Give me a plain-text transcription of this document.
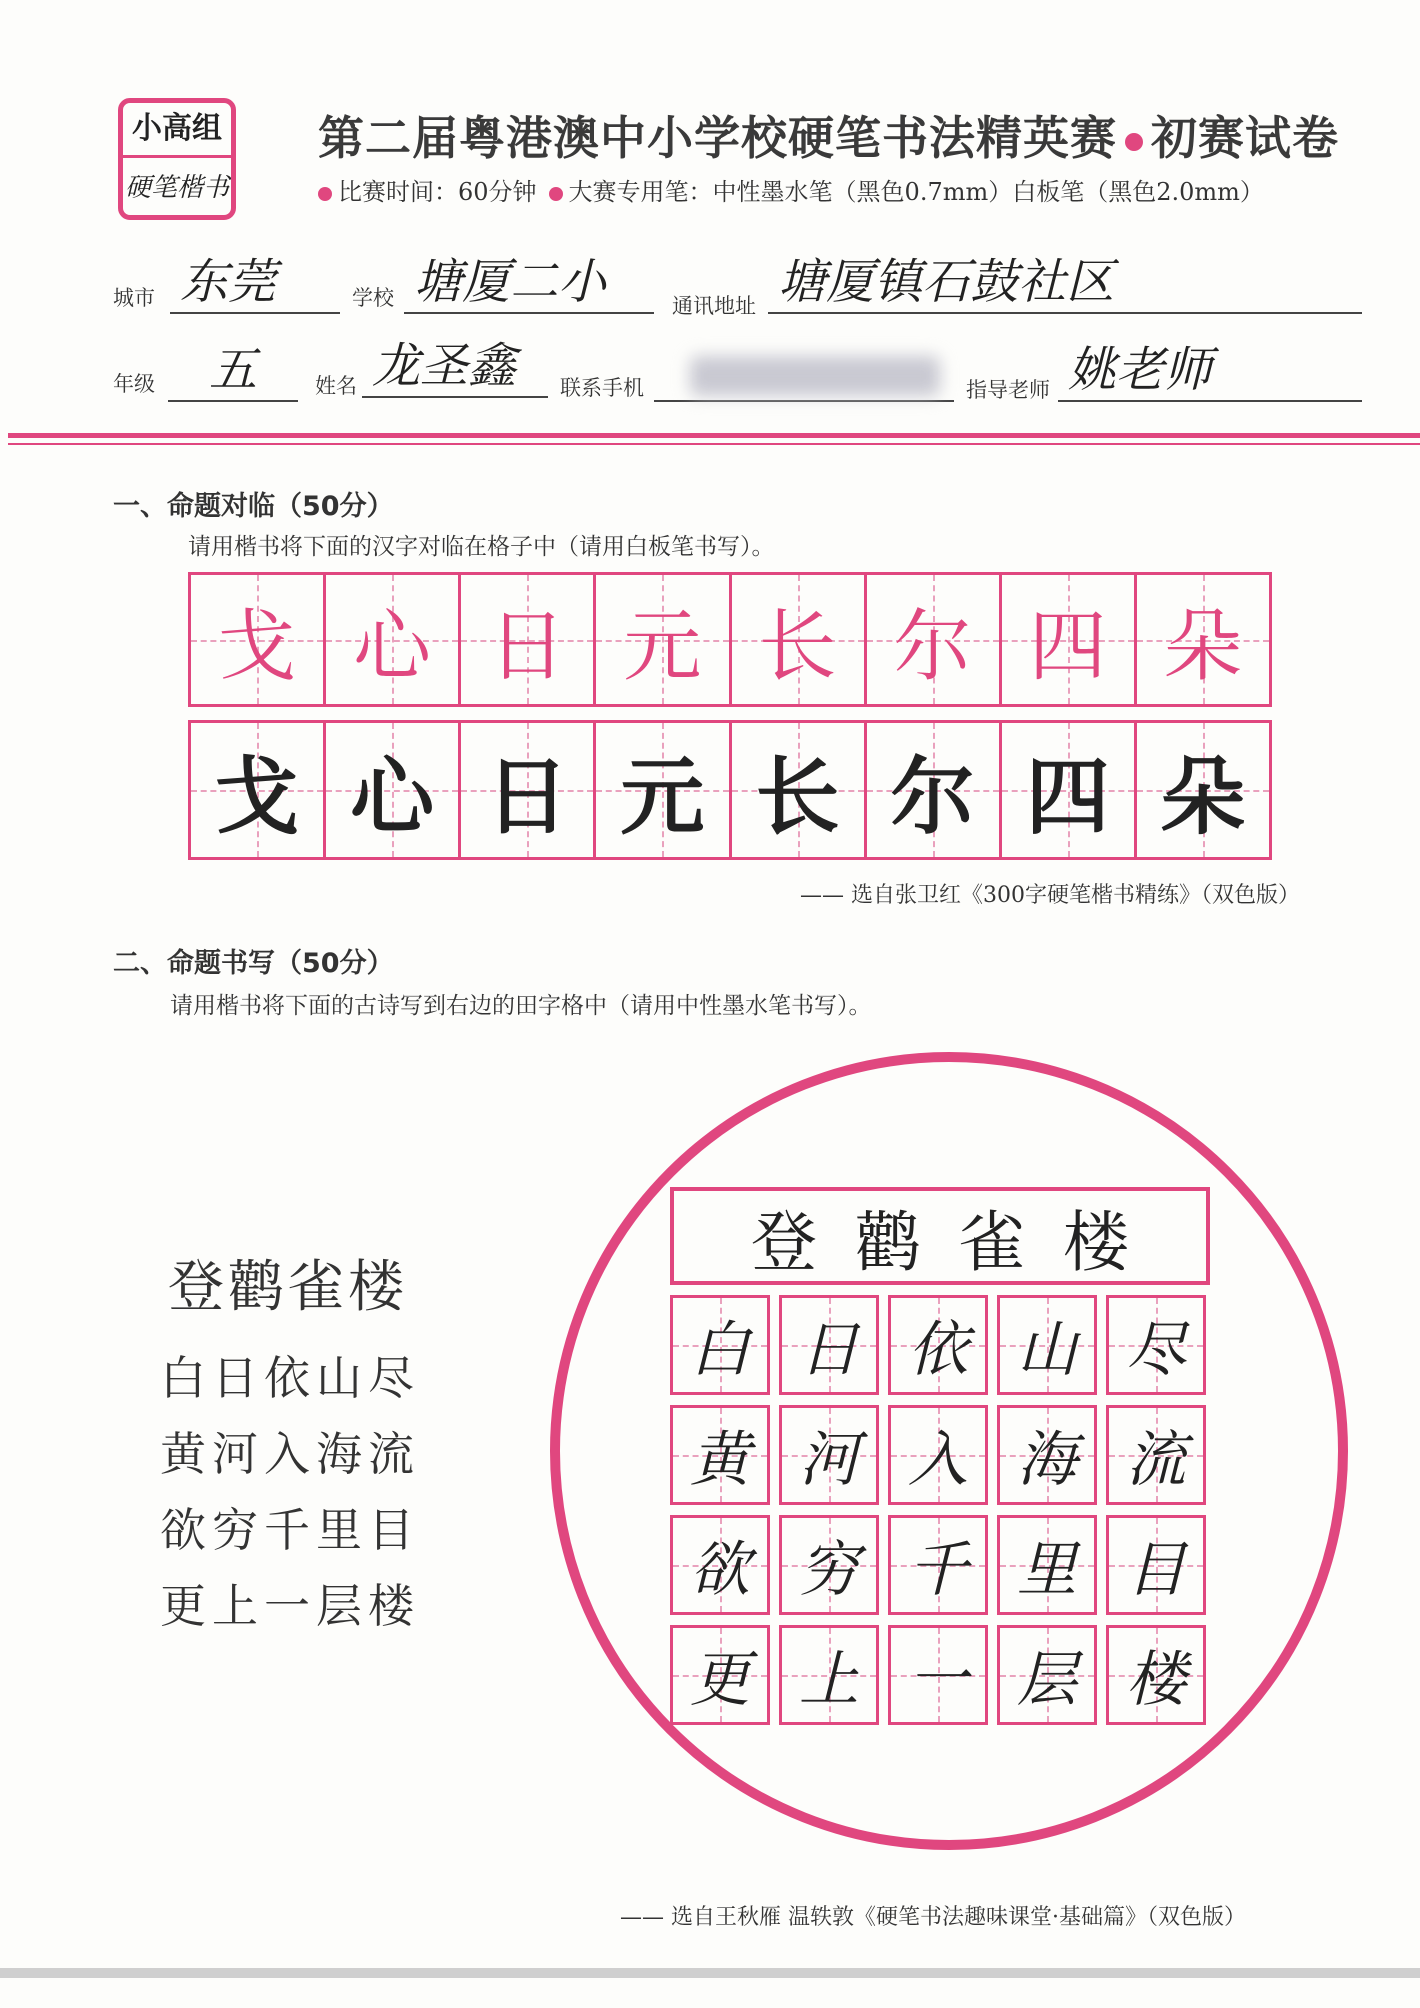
小高组
硬笔楷书
第二届粤港澳中小学校硬笔书法精英赛 初赛试卷
比赛时间：60分钟 大赛专用笔：中性墨水笔（黑色0.7mm）白板笔（黑色2.0mm）
城市 东莞	学校 塘厦二小	通讯地址 塘厦镇石鼓社区
年级	五	姓名 龙圣鑫	联系手机	指导老师 姚老师
一、命题对临（50分）
请用楷书将下面的汉字对临在格子中（请用白板笔书写）。
戈 心 日 元 长 尔 四 朵
戈 心 日 元 长 尔 四 朵
—— 选自张卫红《300字硬笔楷书精练》（双色版）
二、命题书写（50分）
请用楷书将下面的古诗写到右边的田字格中（请用中性墨水笔书写）。
登鹳雀楼
白日依山尽
黄河入海流
欲穷千里目
更上一层楼
登 鹳 雀 楼
白 日 依 山 尽
黄 河 入 海 流
欲 穷 千 里 目
更 上 一 层 楼
—— 选自王秋雁 温轶敦《硬笔书法趣味课堂·基础篇》（双色版）
